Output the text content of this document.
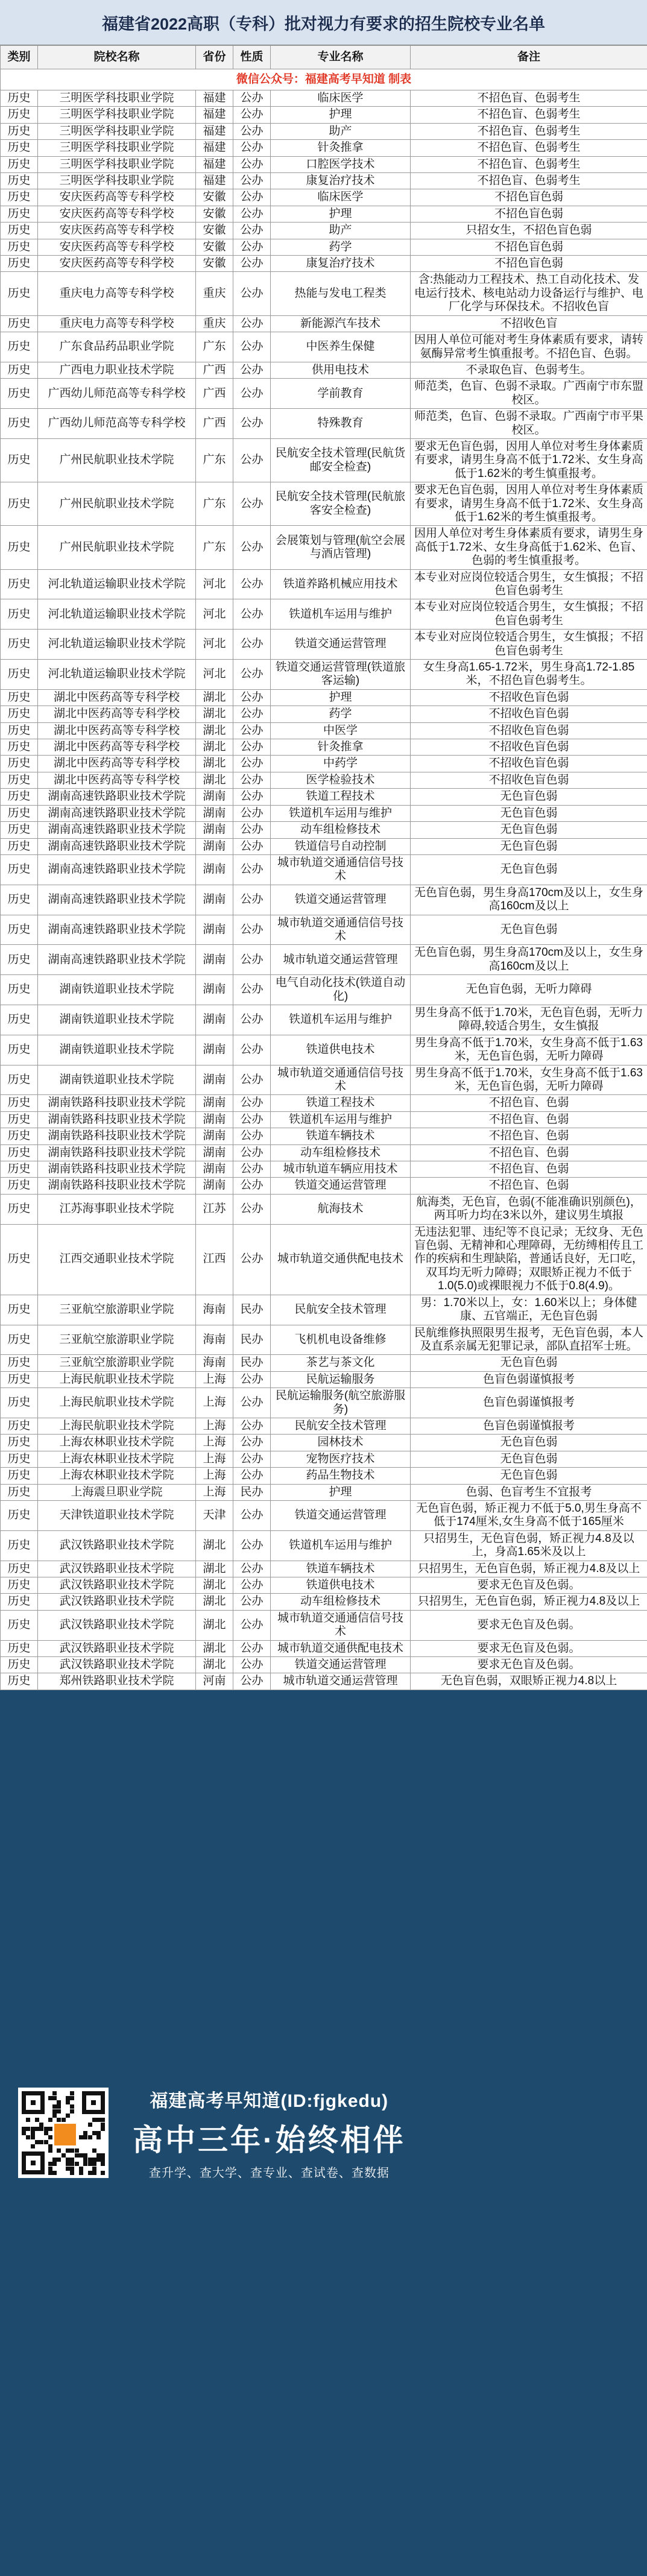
福建省2022高职（专科）批对视力有要求的招生院校专业名单
类别	院校名称	省份	性质	专业名称	备注
微信公众号：福建高考早知道 制表					
历史	三明医学科技职业学院	福建	公办	临床医学	不招色盲、色弱考生
历史	三明医学科技职业学院	福建	公办	护理	不招色盲、色弱考生
历史	三明医学科技职业学院	福建	公办	助产	不招色盲、色弱考生
历史	三明医学科技职业学院	福建	公办	针灸推拿	不招色盲、色弱考生
历史	三明医学科技职业学院	福建	公办	口腔医学技术	不招色盲、色弱考生
历史	三明医学科技职业学院	福建	公办	康复治疗技术	不招色盲、色弱考生
历史	安庆医药高等专科学校	安徽	公办	临床医学	不招色盲色弱
历史	安庆医药高等专科学校	安徽	公办	护理	不招色盲色弱
历史	安庆医药高等专科学校	安徽	公办	助产	只招女生，不招色盲色弱
历史	安庆医药高等专科学校	安徽	公办	药学	不招色盲色弱
历史	安庆医药高等专科学校	安徽	公办	康复治疗技术	不招色盲色弱
历史	重庆电力高等专科学校	重庆	公办	热能与发电工程类	含:热能动力工程技术、热工自动化技术、发电运行技术、核电站动力设备运行与维护、电厂化学与环保技术。不招收色盲
历史	重庆电力高等专科学校	重庆	公办	新能源汽车技术	不招收色盲
历史	广东食品药品职业学院	广东	公办	中医养生保健	因用人单位可能对考生身体素质有要求，请转氨酶异常考生慎重报考。不招色盲、色弱。
历史	广西电力职业技术学院	广西	公办	供用电技术	不录取色盲、色弱考生。
历史	广西幼儿师范高等专科学校	广西	公办	学前教育	师范类，色盲、色弱不录取。广西南宁市东盟校区。
历史	广西幼儿师范高等专科学校	广西	公办	特殊教育	师范类，色盲、色弱不录取。广西南宁市平果校区。
历史	广州民航职业技术学院	广东	公办	民航安全技术管理(民航货邮安全检查)	要求无色盲色弱，因用人单位对考生身体素质有要求，请男生身高不低于1.72米、女生身高低于1.62米的考生慎重报考。
历史	广州民航职业技术学院	广东	公办	民航安全技术管理(民航旅客安全检查)	要求无色盲色弱，因用人单位对考生身体素质有要求，请男生身高不低于1.72米、女生身高低于1.62米的考生慎重报考。
历史	广州民航职业技术学院	广东	公办	会展策划与管理(航空会展与酒店管理)	因用人单位对考生身体素质有要求，请男生身高低于1.72米、女生身高低于1.62米、色盲、色弱的考生慎重报考。
历史	河北轨道运输职业技术学院	河北	公办	铁道养路机械应用技术	本专业对应岗位较适合男生，女生慎报；不招色盲色弱考生
历史	河北轨道运输职业技术学院	河北	公办	铁道机车运用与维护	本专业对应岗位较适合男生，女生慎报；不招色盲色弱考生
历史	河北轨道运输职业技术学院	河北	公办	铁道交通运营管理	本专业对应岗位较适合男生，女生慎报；不招色盲色弱考生
历史	河北轨道运输职业技术学院	河北	公办	铁道交通运营管理(铁道旅客运输)	女生身高1.65-1.72米，男生身高1.72-1.85米，不招色盲色弱考生。
历史	湖北中医药高等专科学校	湖北	公办	护理	不招收色盲色弱
历史	湖北中医药高等专科学校	湖北	公办	药学	不招收色盲色弱
历史	湖北中医药高等专科学校	湖北	公办	中医学	不招收色盲色弱
历史	湖北中医药高等专科学校	湖北	公办	针灸推拿	不招收色盲色弱
历史	湖北中医药高等专科学校	湖北	公办	中药学	不招收色盲色弱
历史	湖北中医药高等专科学校	湖北	公办	医学检验技术	不招收色盲色弱
历史	湖南高速铁路职业技术学院	湖南	公办	铁道工程技术	无色盲色弱
历史	湖南高速铁路职业技术学院	湖南	公办	铁道机车运用与维护	无色盲色弱
历史	湖南高速铁路职业技术学院	湖南	公办	动车组检修技术	无色盲色弱
历史	湖南高速铁路职业技术学院	湖南	公办	铁道信号自动控制	无色盲色弱
历史	湖南高速铁路职业技术学院	湖南	公办	城市轨道交通通信信号技术	无色盲色弱
历史	湖南高速铁路职业技术学院	湖南	公办	铁道交通运营管理	无色盲色弱，男生身高170cm及以上，女生身高160cm及以上
历史	湖南高速铁路职业技术学院	湖南	公办	城市轨道交通通信信号技术	无色盲色弱
历史	湖南高速铁路职业技术学院	湖南	公办	城市轨道交通运营管理	无色盲色弱，男生身高170cm及以上，女生身高160cm及以上
历史	湖南铁道职业技术学院	湖南	公办	电气自动化技术(铁道自动化)	无色盲色弱，无听力障碍
历史	湖南铁道职业技术学院	湖南	公办	铁道机车运用与维护	男生身高不低于1.70米，无色盲色弱，无听力障碍,较适合男生，女生慎报
历史	湖南铁道职业技术学院	湖南	公办	铁道供电技术	男生身高不低于1.70米，女生身高不低于1.63米，无色盲色弱，无听力障碍
历史	湖南铁道职业技术学院	湖南	公办	城市轨道交通通信信号技术	男生身高不低于1.70米，女生身高不低于1.63米，无色盲色弱，无听力障碍
历史	湖南铁路科技职业技术学院	湖南	公办	铁道工程技术	不招色盲、色弱
历史	湖南铁路科技职业技术学院	湖南	公办	铁道机车运用与维护	不招色盲、色弱
历史	湖南铁路科技职业技术学院	湖南	公办	铁道车辆技术	不招色盲、色弱
历史	湖南铁路科技职业技术学院	湖南	公办	动车组检修技术	不招色盲、色弱
历史	湖南铁路科技职业技术学院	湖南	公办	城市轨道车辆应用技术	不招色盲、色弱
历史	湖南铁路科技职业技术学院	湖南	公办	铁道交通运营管理	不招色盲、色弱
历史	江苏海事职业技术学院	江苏	公办	航海技术	航海类，无色盲，色弱(不能准确识别颜色)，两耳听力均在3米以外，建议男生填报
历史	江西交通职业技术学院	江西	公办	城市轨道交通供配电技术	无违法犯罪、违纪等不良记录；无纹身、无色盲色弱、无精神和心理障碍，无纺缚相传且工作的疾病和生理缺陷，普通话良好，无口吃，双耳均无听力障碍；双眼矫正视力不低于1.0(5.0)或裸眼视力不低于0.8(4.9)。
历史	三亚航空旅游职业学院	海南	民办	民航安全技术管理	男：1.70米以上，女：1.60米以上；身体健康、五官端正，无色盲色弱
历史	三亚航空旅游职业学院	海南	民办	飞机机电设备维修	民航维修执照限男生报考，无色盲色弱，本人及直系亲属无犯罪记录，部队直招军士班。
历史	三亚航空旅游职业学院	海南	民办	茶艺与茶文化	无色盲色弱
历史	上海民航职业技术学院	上海	公办	民航运输服务	色盲色弱谨慎报考
历史	上海民航职业技术学院	上海	公办	民航运输服务(航空旅游服务)	色盲色弱谨慎报考
历史	上海民航职业技术学院	上海	公办	民航安全技术管理	色盲色弱谨慎报考
历史	上海农林职业技术学院	上海	公办	园林技术	无色盲色弱
历史	上海农林职业技术学院	上海	公办	宠物医疗技术	无色盲色弱
历史	上海农林职业技术学院	上海	公办	药品生物技术	无色盲色弱
历史	上海震旦职业学院	上海	民办	护理	色弱、色盲考生不宜报考
历史	天津铁道职业技术学院	天津	公办	铁道交通运营管理	无色盲色弱，矫正视力不低于5.0,男生身高不低于174厘米,女生身高不低于165厘米
历史	武汉铁路职业技术学院	湖北	公办	铁道机车运用与维护	只招男生，无色盲色弱，矫正视力4.8及以上，身高1.65米及以上
历史	武汉铁路职业技术学院	湖北	公办	铁道车辆技术	只招男生，无色盲色弱，矫正视力4.8及以上
历史	武汉铁路职业技术学院	湖北	公办	铁道供电技术	要求无色盲及色弱。
历史	武汉铁路职业技术学院	湖北	公办	动车组检修技术	只招男生，无色盲色弱，矫正视力4.8及以上
历史	武汉铁路职业技术学院	湖北	公办	城市轨道交通通信信号技术	要求无色盲及色弱。
历史	武汉铁路职业技术学院	湖北	公办	城市轨道交通供配电技术	要求无色盲及色弱。
历史	武汉铁路职业技术学院	湖北	公办	铁道交通运营管理	要求无色盲及色弱。
历史	郑州铁路职业技术学院	河南	公办	城市轨道交通运营管理	无色盲色弱，双眼矫正视力4.8以上
福建高考早知道(ID:fjgkedu)
高中三年·始终相伴
查升学、查大学、查专业、查试卷、查数据
